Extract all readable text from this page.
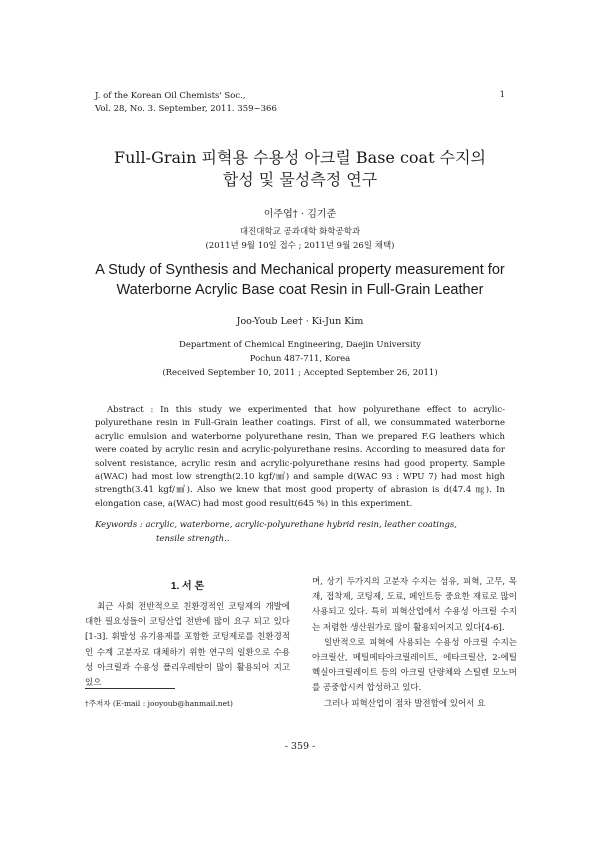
J. of the Korean Oil Chemists' Soc.,
Vol. 28, No. 3. September, 2011. 359~366
1
Full-Grain 피혁용 수용성 아크릴 Base coat 수지의
합성 및 물성측정 연구
이주엽† · 김기준
대진대학교 공과대학 화학공학과
(2011년 9월 10일 접수 ; 2011년 9월 26일 채택)
A Study of Synthesis and Mechanical property measurement for
Waterborne Acrylic Base coat Resin in Full-Grain Leather
Joo-Youb Lee† · Ki-Jun Kim
Department of Chemical Engineering, Daejin University
Pochun 487-711, Korea
(Received September 10, 2011 ; Accepted September 26, 2011)
Abstract : In this study we experimented that how polyurethane effect to acrylic-polyurethane resin in Full-Grain leather coatings. First of all, we consummated waterborne acrylic emulsion and waterborne polyurethane resin, Than we prepared F.G leathers which were coated by acrylic resin and acrylic-polyurethane resins. According to measured data for solvent resistance, acrylic resin and acrylic-polyurethane resins had good property. Sample a(WAC) had most low strength(2.10 kgf/㎟) and sample d(WAC 93 : WPU 7) had most high strength(3.41 kgf/㎟). Also we knew that most good property of abrasion is d(47.4 ㎎). In elongation case, a(WAC) had most good result(645 %) in this experiment.
Keywords : acrylic, waterborne, acrylic-polyurethane hybrid resin, leather coatings,
tensile strength..
1. 서 론
최근 사회 전반적으로 친환경적인 코팅제의 개발에 대한 필요성들이 코팅산업 전반에 많이 요구 되고 있다[1-3]. 휘발성 유기용제를 포함한 코팅제로를 친환경적인 수계 고분자로 대체하기 위한 연구의 일환으로 수용성 아크릴과 수용성 폴리우레탄이 많이 활용되어 지고 있으
†주저자 (E-mail : jooyoub@hanmail.net)

며, 상기 두가지의 고분자 수지는 섬유, 피혁, 고무, 목재, 접착제, 코팅제, 도료, 페인트등 중요한 재료로 많이 사용되고 있다. 특히 피혁산업에서 수용성 아크릴 수지는 저렴한 생산원가로 많이 활용되어지고 있다[4-6].

일반적으로 피혁에 사용되는 수용성 아크릴 수지는 아크릴산, 메틸메타아크릴레이트, 에타크릴산, 2-에틸헥실아크릴레이트 등의 아크릴 단량체와 스틸렌 모노머를 공중합시켜 합성하고 있다.

그러나 피혁산업이 점차 발전함에 있어서 요

- 359 -
